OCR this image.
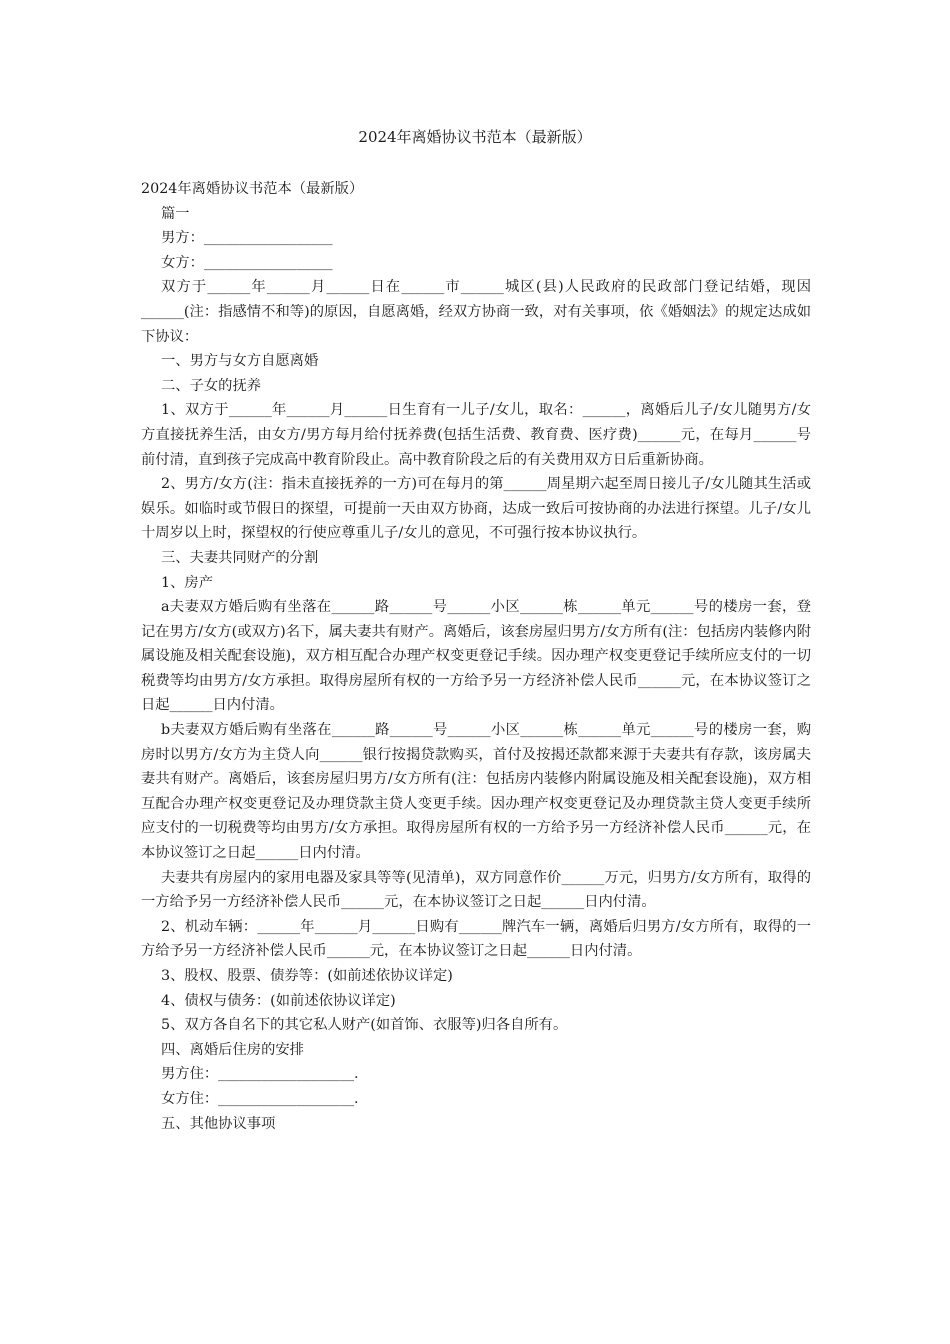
2024年离婚协议书范本（最新版）

2024年离婚协议书范本（最新版）

篇一

男方：__________________

女方：__________________

双方于______年______月______日在______市______城区(县)人民政府的民政部门登记结婚，现因______(注：指感情不和等)的原因，自愿离婚，经双方协商一致，对有关事项，依《婚姻法》的规定达成如下协议：

一、男方与女方自愿离婚

二、子女的抚养

1、双方于______年______月______日生育有一儿子/女儿，取名：______，离婚后儿子/女儿随男方/女方直接抚养生活，由女方/男方每月给付抚养费(包括生活费、教育费、医疗费)______元，在每月______号前付清，直到孩子完成高中教育阶段止。高中教育阶段之后的有关费用双方日后重新协商。

2、男方/女方(注：指未直接抚养的一方)可在每月的第______周星期六起至周日接儿子/女儿随其生活或娱乐。如临时或节假日的探望，可提前一天由双方协商，达成一致后可按协商的办法进行探望。儿子/女儿十周岁以上时，探望权的行使应尊重儿子/女儿的意见，不可强行按本协议执行。

三、夫妻共同财产的分割

1、房产

a夫妻双方婚后购有坐落在______路______号______小区______栋______单元______号的楼房一套，登记在男方/女方(或双方)名下，属夫妻共有财产。离婚后，该套房屋归男方/女方所有(注：包括房内装修内附属设施及相关配套设施)，双方相互配合办理产权变更登记手续。因办理产权变更登记手续所应支付的一切税费等均由男方/女方承担。取得房屋所有权的一方给予另一方经济补偿人民币______元，在本协议签订之日起______日内付清。

b夫妻双方婚后购有坐落在______路______号______小区______栋______单元______号的楼房一套，购房时以男方/女方为主贷人向______银行按揭贷款购买，首付及按揭还款都来源于夫妻共有存款，该房属夫妻共有财产。离婚后，该套房屋归男方/女方所有(注：包括房内装修内附属设施及相关配套设施)，双方相互配合办理产权变更登记及办理贷款主贷人变更手续。因办理产权变更登记及办理贷款主贷人变更手续所应支付的一切税费等均由男方/女方承担。取得房屋所有权的一方给予另一方经济补偿人民币______元，在本协议签订之日起______日内付清。

夫妻共有房屋内的家用电器及家具等等(见清单)，双方同意作价______万元，归男方/女方所有，取得的一方给予另一方经济补偿人民币______元，在本协议签订之日起______日内付清。

2、机动车辆：______年______月______日购有______牌汽车一辆，离婚后归男方/女方所有，取得的一方给予另一方经济补偿人民币______元，在本协议签订之日起______日内付清。

3、股权、股票、债券等：(如前述依协议详定)

4、债权与债务：(如前述依协议详定)

5、双方各自名下的其它私人财产(如首饰、衣服等)归各自所有。

四、离婚后住房的安排

男方住：___________________.

女方住：___________________.

五、其他协议事项
